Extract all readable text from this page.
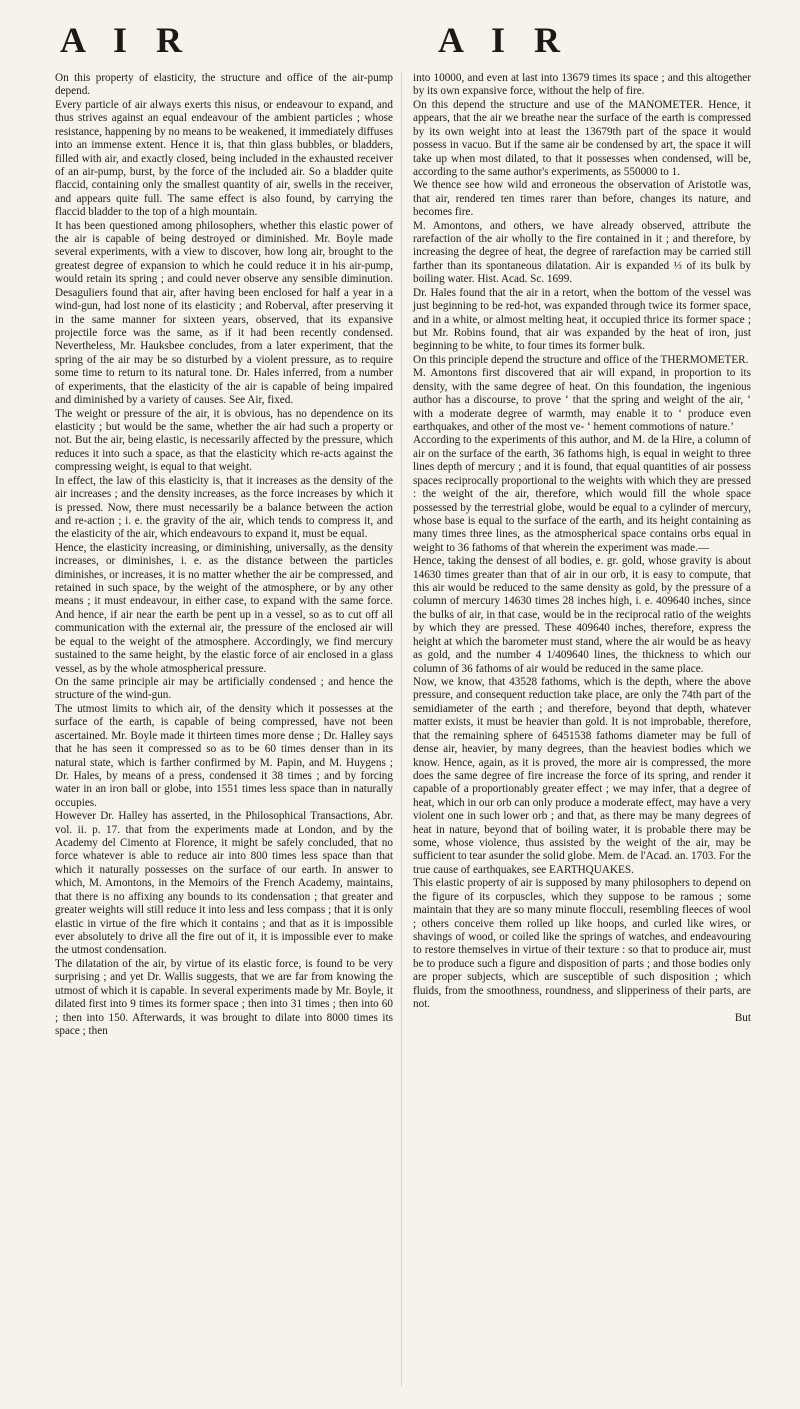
A I R	A I R

On this property of elasticity, the structure and office of the air-pump depend.

Every particle of air always exerts this nisus, or endeavour to expand, and thus strives against an equal endeavour of the ambient particles ; whose resistance, happening by no means to be weakened, it immediately diffuses into an immense extent. Hence it is, that thin glass bubbles, or bladders, filled with air, and exactly closed, being included in the exhausted receiver of an air-pump, burst, by the force of the included air. So a bladder quite flaccid, containing only the smallest quantity of air, swells in the receiver, and appears quite full. The same effect is also found, by carrying the flaccid bladder to the top of a high mountain.

It has been questioned among philosophers, whether this elastic power of the air is capable of being destroyed or diminished. Mr. Boyle made several experiments, with a view to discover, how long air, brought to the greatest degree of expansion to which he could reduce it in his air-pump, would retain its spring ; and could never observe any sensible diminution. Desaguliers found that air, after having been enclosed for half a year in a wind-gun, had lost none of its elasticity ; and Roberval, after preserving it in the same manner for sixteen years, observed, that its expansive projectile force was the same, as if it had been recently condensed. Nevertheless, Mr. Hauksbee concludes, from a later experiment, that the spring of the air may be so disturbed by a violent pressure, as to require some time to return to its natural tone. Dr. Hales inferred, from a number of experiments, that the elasticity of the air is capable of being impaired and diminished by a variety of causes. See Air, fixed.

The weight or pressure of the air, it is obvious, has no dependence on its elasticity ; but would be the same, whether the air had such a property or not. But the air, being elastic, is necessarily affected by the pressure, which reduces it into such a space, as that the elasticity which re-acts against the compressing weight, is equal to that weight.

In effect, the law of this elasticity is, that it increases as the density of the air increases ; and the density increases, as the force increases by which it is pressed. Now, there must necessarily be a balance between the action and re-action ; i. e. the gravity of the air, which tends to compress it, and the elasticity of the air, which endeavours to expand it, must be equal.

Hence, the elasticity increasing, or diminishing, universally, as the density increases, or diminishes, i. e. as the distance between the particles diminishes, or increases, it is no matter whether the air be compressed, and retained in such space, by the weight of the atmosphere, or by any other means ; it must endeavour, in either case, to expand with the same force. And hence, if air near the earth be pent up in a vessel, so as to cut off all communication with the external air, the pressure of the enclosed air will be equal to the weight of the atmosphere. Accordingly, we find mercury sustained to the same height, by the elastic force of air enclosed in a glass vessel, as by the whole atmospherical pressure.

On the same principle air may be artificially condensed ; and hence the structure of the wind-gun.

The utmost limits to which air, of the density which it possesses at the surface of the earth, is capable of being compressed, have not been ascertained. Mr. Boyle made it thirteen times more dense ; Dr. Halley says that he has seen it compressed so as to be 60 times denser than in its natural state, which is farther confirmed by M. Papin, and M. Huygens ; Dr. Hales, by means of a press, condensed it 38 times ; and by forcing water in an iron ball or globe, into 1551 times less space than in naturally occupies.

However Dr. Halley has asserted, in the Philosophical Transactions, Abr. vol. ii. p. 17. that from the experiments made at London, and by the Academy del Cimento at Florence, it might be safely concluded, that no force whatever is able to reduce air into 800 times less space than that which it naturally possesses on the surface of our earth. In answer to which, M. Amontons, in the Memoirs of the French Academy, maintains, that there is no affixing any bounds to its condensation ; that greater and greater weights will still reduce it into less and less compass ; that it is only elastic in virtue of the fire which it contains ; and that as it is impossible ever absolutely to drive all the fire out of it, it is impossible ever to make the utmost condensation.

The dilatation of the air, by virtue of its elastic force, is found to be very surprising ; and yet Dr. Wallis suggests, that we are far from knowing the utmost of which it is capable. In several experiments made by Mr. Boyle, it dilated first into 9 times its former space ; then into 31 times ; then into 60 ; then into 150. Afterwards, it was brought to dilate into 8000 times its space ; then

into 10000, and even at last into 13679 times its space ; and this altogether by its own expansive force, without the help of fire.

On this depend the structure and use of the MANOMETER. Hence, it appears, that the air we breathe near the surface of the earth is compressed by its own weight into at least the 13679th part of the space it would possess in vacuo. But if the same air be condensed by art, the space it will take up when most dilated, to that it possesses when condensed, will be, according to the same author's experiments, as 550000 to 1.

We thence see how wild and erroneous the observation of Aristotle was, that air, rendered ten times rarer than before, changes its nature, and becomes fire.

M. Amontons, and others, we have already observed, attribute the rarefaction of the air wholly to the fire contained in it ; and therefore, by increasing the degree of heat, the degree of rarefaction may be carried still farther than its spontaneous dilatation. Air is expanded ⅓ of its bulk by boiling water. Hist. Acad. Sc. 1699.

Dr. Hales found that the air in a retort, when the bottom of the vessel was just beginning to be red-hot, was expanded through twice its former space, and in a white, or almost melting heat, it occupied thrice its former space ; but Mr. Robins found, that air was expanded by the heat of iron, just beginning to be white, to four times its former bulk.

On this principle depend the structure and office of the THERMOMETER.

M. Amontons first discovered that air will expand, in proportion to its density, with the same degree of heat. On this foundation, the ingenious author has a discourse, to prove ‘ that the spring and weight of the air, ‘ with a moderate degree of warmth, may enable it to ‘ produce even earthquakes, and other of the most ve- ‘ hement commotions of nature.’

According to the experiments of this author, and M. de la Hire, a column of air on the surface of the earth, 36 fathoms high, is equal in weight to three lines depth of mercury ; and it is found, that equal quantities of air possess spaces reciprocally proportional to the weights with which they are pressed : the weight of the air, therefore, which would fill the whole space possessed by the terrestrial globe, would be equal to a cylinder of mercury, whose base is equal to the surface of the earth, and its height containing as many times three lines, as the atmospherical space contains orbs equal in weight to 36 fathoms of that wherein the experiment was made.—

Hence, taking the densest of all bodies, e. gr. gold, whose gravity is about 14630 times greater than that of air in our orb, it is easy to compute, that this air would be reduced to the same density as gold, by the pressure of a column of mercury 14630 times 28 inches high, i. e. 409640 inches, since the bulks of air, in that case, would be in the reciprocal ratio of the weights by which they are pressed. These 409640 inches, therefore, express the height at which the barometer must stand, where the air would be as heavy as gold, and the number 4 1/409640 lines, the thickness to which our column of 36 fathoms of air would be reduced in the same place.

Now, we know, that 43528 fathoms, which is the depth, where the above pressure, and consequent reduction take place, are only the 74th part of the semidiameter of the earth ; and therefore, beyond that depth, whatever matter exists, it must be heavier than gold. It is not improbable, therefore, that the remaining sphere of 6451538 fathoms diameter may be full of dense air, heavier, by many degrees, than the heaviest bodies which we know. Hence, again, as it is proved, the more air is compressed, the more does the same degree of fire increase the force of its spring, and render it capable of a proportionably greater effect ; we may infer, that a degree of heat, which in our orb can only produce a moderate effect, may have a very violent one in such lower orb ; and that, as there may be many degrees of heat in nature, beyond that of boiling water, it is probable there may be some, whose violence, thus assisted by the weight of the air, may be sufficient to tear asunder the solid globe. Mem. de l'Acad. an. 1703. For the true cause of earthquakes, see EARTHQUAKES.

This elastic property of air is supposed by many philosophers to depend on the figure of its corpuscles, which they suppose to be ramous ; some maintain that they are so many minute flocculi, resembling fleeces of wool ; others conceive them rolled up like hoops, and curled like wires, or shavings of wood, or coiled like the springs of watches, and endeavouring to restore themselves in virtue of their texture : so that to produce air, must be to produce such a figure and disposition of parts ; and those bodies only are proper subjects, which are susceptible of such disposition ; which fluids, from the smoothness, roundness, and slipperiness of their parts, are not.

But
